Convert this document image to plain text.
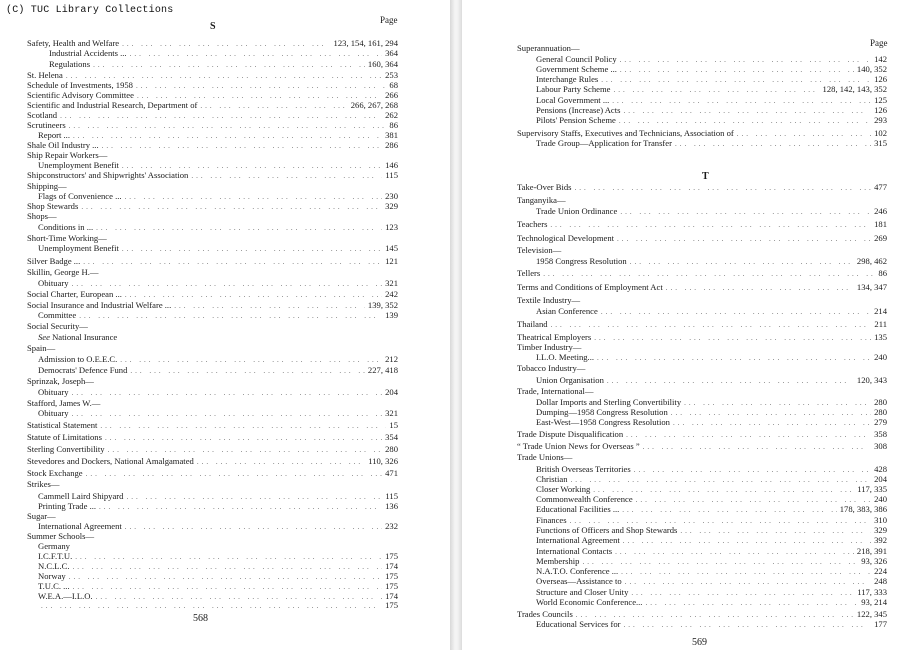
S
Page
Safety, Health and Welfare ... .	123, 154, 161, 294
Industrial Accidents ... ... .	364
Regulations ... .	160, 364
St. Helena ... .	253
Schedule of Investments, 1958 ... .	68
Scientific Advisory Committee ... .	266
Scientific and Industrial Research, Department of ... .	266, 267, 268
Scotland ... .	262
Scrutineers ... .	86
Report ... ... .	381
Shale Oil Industry ... ... .	286
Ship Repair Workers—
Unemployment Benefit ... .	146
Shipconstructors' and Shipwrights' Association ... .	115
Shipping—
Flags of Convenience ... ... .	230
Shop Stewards ... .	329
Shops—
Conditions in ... ... .	123
Short-Time Working—
Unemployment Benefit ... .	145
Silver Badge ... ... .	121
Skillin, George H.—
Obituary ... .	321
Social Charter, European ... ... .	242
Social Insurance and Industrial Welfare ... ... .	139, 352
Committee ... .	139
Social Security—
See National Insurance
Spain—
Admission to O.E.E.C. ... .	212
Democrats' Defence Fund ... .	227, 418
Sprinzak, Joseph—
Obituary ... .	204
Stafford, James W.—
Obituary ... .	321
Statistical Statement ... .	15
Statute of Limitations ... .	354
Sterling Convertibility ... .	280
Stevedores and Dockers, National Amalgamated ... .	110, 326
Stock Exchange ... .	471
Strikes—
Cammell Laird Shipyard ... .	115
Printing Trade ... ... .	136
Sugar—
International Agreement ... .	232
Summer Schools—
Germany
I.C.F.T.U. ... .	175
N.C.L.C. ... .	174
Norway ... .	175
T.U.C. ... ... .	175
W.E.A.—I.L.O. ... .	174
... .
175
568
Page
T
Superannuation—
General Council Policy ... .	142
Government Scheme ... ... .	140, 352
Interchange Rules ... .	126
Labour Party Scheme ... .	128, 142, 143, 352
Local Government ... ... .	125
Pensions (Increase) Acts ... .	126
Pilots' Pension Scheme ... .	293
Supervisory Staffs, Executives and Technicians, Association of ... .	102
Trade Group—Application for Transfer ... .	315
Take-Over Bids ... .	477
Tanganyika—
Trade Union Ordinance ... .	246
Teachers ... .	181
Technological Development ... .	269
Television—
1958 Congress Resolution ... .	298, 462
Tellers ... .	86
Terms and Conditions of Employment Act ... .	134, 347
Textile Industry—
Asian Conference ... .	214
Thailand ... .	211
Theatrical Employers ... .	135
Timber Industry—
I.L.O. Meeting... ... .	240
Tobacco Industry—
Union Organisation ... .	120, 343
Trade, International—
Dollar Imports and Sterling Convertibility ... .	280
Dumping—1958 Congress Resolution ... .	280
East-West—1958 Congress Resolution ... .	279
Trade Dispute Disqualification ... .	358
“ Trade Union News for Overseas ” ... .	308
Trade Unions—
British Overseas Territories ... .	428
Christian ... .	204
Closer Working ... .	117, 335
Commonwealth Conference ... .	240
Educational Facilities ... ... .	178, 383, 386
Finances ... .	310
Functions of Officers and Shop Stewards ... .	329
International Agreement ... .	392
International Contacts ... .	218, 391
Membership ... .	93, 326
N.A.T.O. Conference ... ... .	224
Overseas—Assistance to ... .	248
Structure and Closer Unity ... .	117, 333
World Economic Conference... ... .	93, 214
Trades Councils ... .	122, 345
Educational Services for ... .	177
569
(C) TUC Library Collections
